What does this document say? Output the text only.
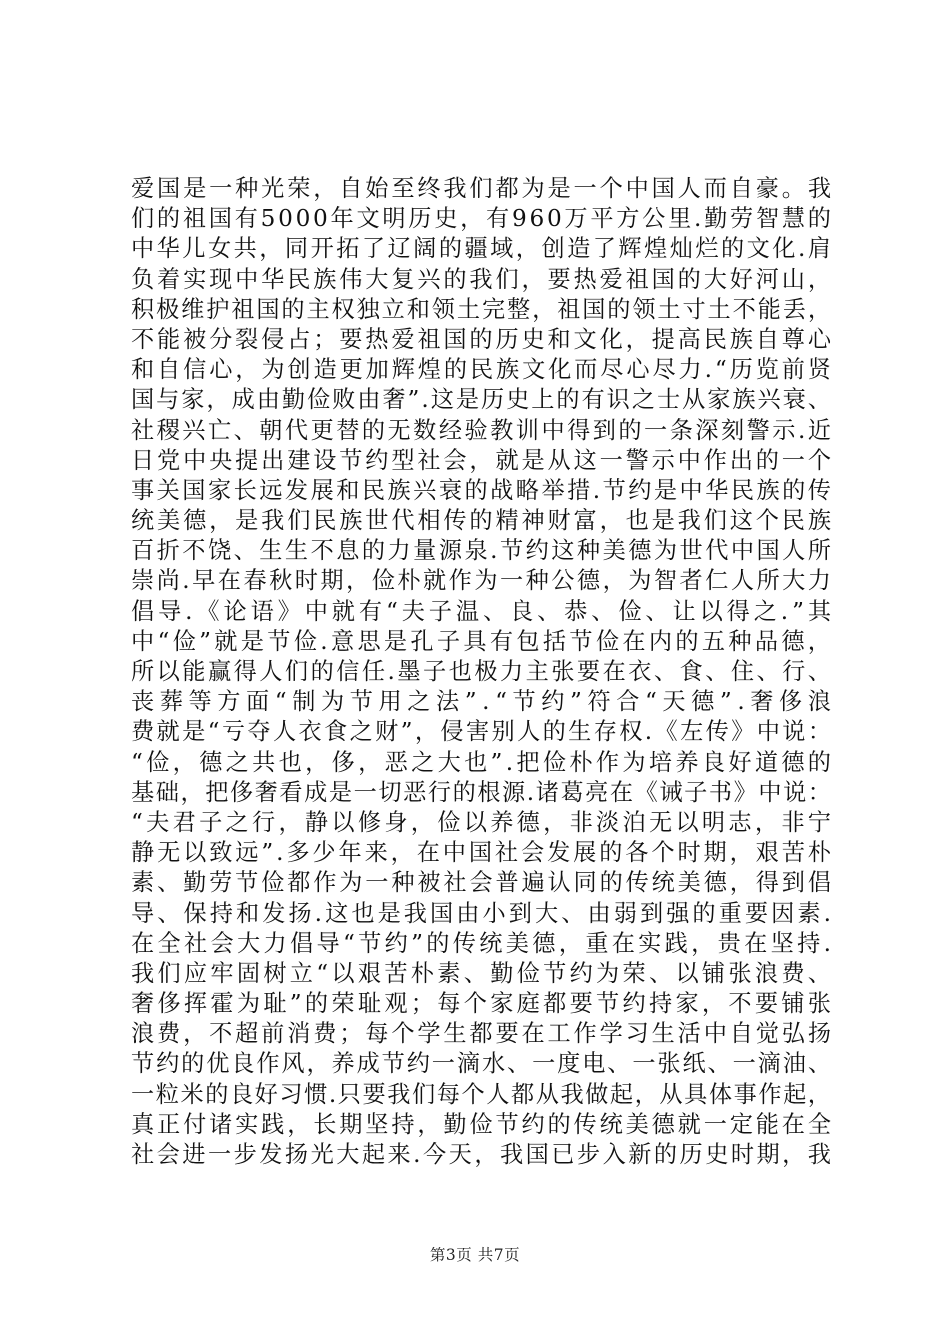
爱国是一种光荣，自始至终我们都为是一个中国人而自豪。我
们的祖国有5000年文明历史，有960万平方公里.勤劳智慧的
中华儿女共，同开拓了辽阔的疆域，创造了辉煌灿烂的文化.肩
负着实现中华民族伟大复兴的我们，要热爱祖国的大好河山，
积极维护祖国的主权独立和领土完整，祖国的领土寸土不能丢，
不能被分裂侵占；要热爱祖国的历史和文化，提高民族自尊心
和自信心，为创造更加辉煌的民族文化而尽心尽力.“历览前贤
国与家，成由勤俭败由奢”.这是历史上的有识之士从家族兴衰、
社稷兴亡、朝代更替的无数经验教训中得到的一条深刻警示.近
日党中央提出建设节约型社会，就是从这一警示中作出的一个
事关国家长远发展和民族兴衰的战略举措.节约是中华民族的传
统美德，是我们民族世代相传的精神财富，也是我们这个民族
百折不饶、生生不息的力量源泉.节约这种美德为世代中国人所
崇尚.早在春秋时期，俭朴就作为一种公德，为智者仁人所大力
倡导.《论语》中就有“夫子温、良、恭、俭、让以得之.”其
中“俭”就是节俭.意思是孔子具有包括节俭在内的五种品德，
所以能赢得人们的信任.墨子也极力主张要在衣、食、住、行、
丧葬等方面“制为节用之法”.“节约”符合“天德”.奢侈浪
费就是“亏夺人衣食之财”，侵害别人的生存权.《左传》中说：
“俭，德之共也，侈，恶之大也”.把俭朴作为培养良好道德的
基础，把侈奢看成是一切恶行的根源.诸葛亮在《诫子书》中说：
“夫君子之行，静以修身，俭以养德，非淡泊无以明志，非宁
静无以致远”.多少年来，在中国社会发展的各个时期，艰苦朴
素、勤劳节俭都作为一种被社会普遍认同的传统美德，得到倡
导、保持和发扬.这也是我国由小到大、由弱到强的重要因素.
在全社会大力倡导“节约”的传统美德，重在实践，贵在坚持.
我们应牢固树立“以艰苦朴素、勤俭节约为荣、以铺张浪费、
奢侈挥霍为耻”的荣耻观；每个家庭都要节约持家，不要铺张
浪费，不超前消费；每个学生都要在工作学习生活中自觉弘扬
节约的优良作风，养成节约一滴水、一度电、一张纸、一滴油、
一粒米的良好习惯.只要我们每个人都从我做起，从具体事作起，
真正付诸实践，长期坚持，勤俭节约的传统美德就一定能在全
社会进一步发扬光大起来.今天，我国已步入新的历史时期，我
第3页 共7页
